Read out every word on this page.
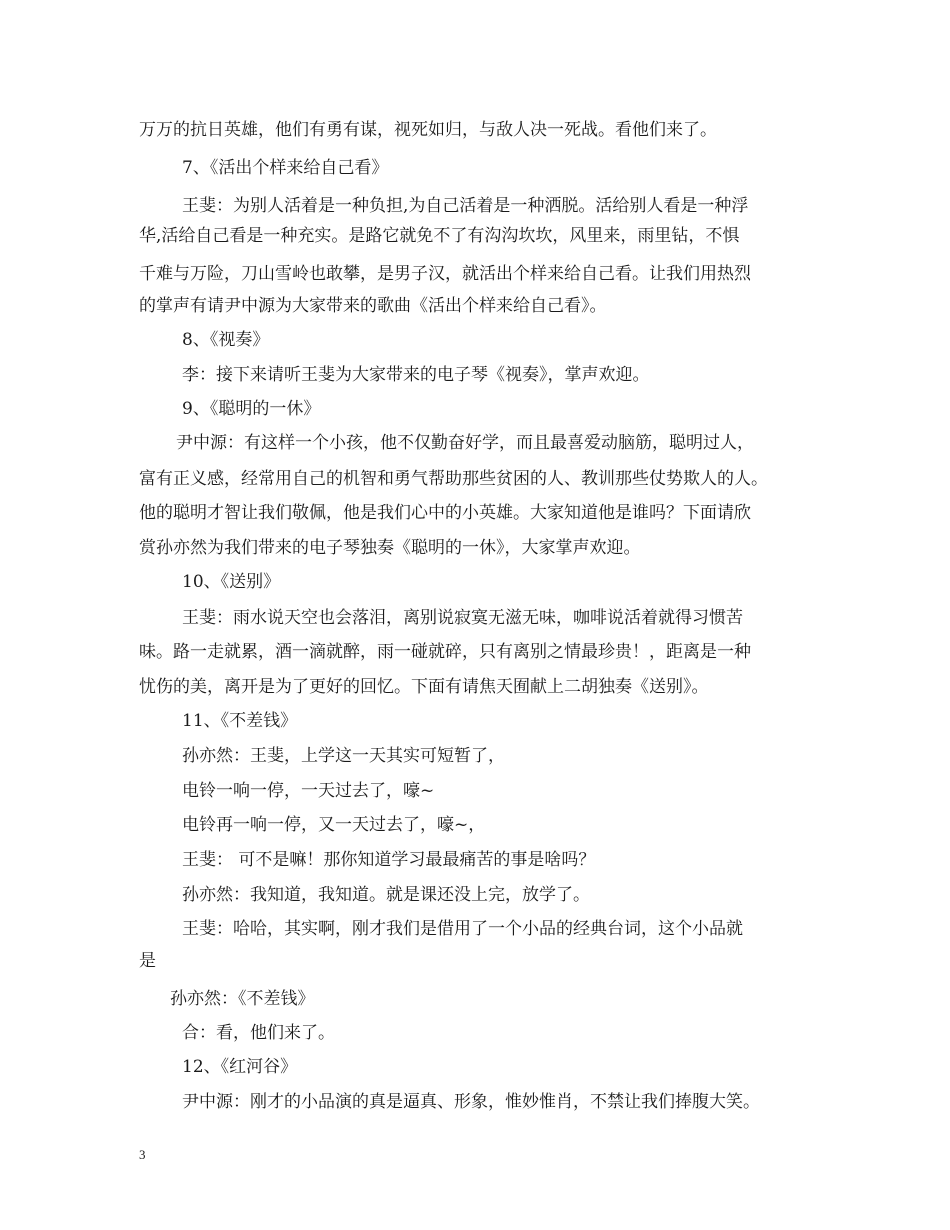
万万的抗日英雄，他们有勇有谋，视死如归，与敌人决一死战。看他们来了。
7、《活出个样来给自己看》
王斐：为别人活着是一种负担,为自己活着是一种洒脱。活给别人看是一种浮
华,活给自己看是一种充实。是路它就免不了有沟沟坎坎，风里来，雨里钻，不惧
千难与万险，刀山雪岭也敢攀，是男子汉，就活出个样来给自己看。让我们用热烈
的掌声有请尹中源为大家带来的歌曲《活出个样来给自己看》。
8、《视奏》
李：接下来请听王斐为大家带来的电子琴《视奏》，掌声欢迎。
9、《聪明的一休》
尹中源：有这样一个小孩，他不仅勤奋好学，而且最喜爱动脑筋，聪明过人，
富有正义感，经常用自己的机智和勇气帮助那些贫困的人、教训那些仗势欺人的人。
他的聪明才智让我们敬佩，他是我们心中的小英雄。大家知道他是谁吗？下面请欣
赏孙亦然为我们带来的电子琴独奏《聪明的一休》，大家掌声欢迎。
10、《送别》
王斐：雨水说天空也会落泪，离别说寂寞无滋无味，咖啡说活着就得习惯苦
味。路一走就累，酒一滴就醉，雨一碰就碎，只有离别之情最珍贵！，距离是一种
忧伤的美，离开是为了更好的回忆。下面有请焦天囿献上二胡独奏《送别》。
11、《不差钱》
孙亦然：王斐，上学这一天其实可短暂了，
电铃一响一停，一天过去了，嚎~
电铃再一响一停，又一天过去了，嚎~，
王斐： 可不是嘛！那你知道学习最最痛苦的事是啥吗？
孙亦然：我知道，我知道。就是课还没上完，放学了。
王斐：哈哈，其实啊，刚才我们是借用了一个小品的经典台词，这个小品就
是
孙亦然：《不差钱》
合：看，他们来了。
12、《红河谷》
尹中源：刚才的小品演的真是逼真、形象，惟妙惟肖，不禁让我们捧腹大笑。
3
